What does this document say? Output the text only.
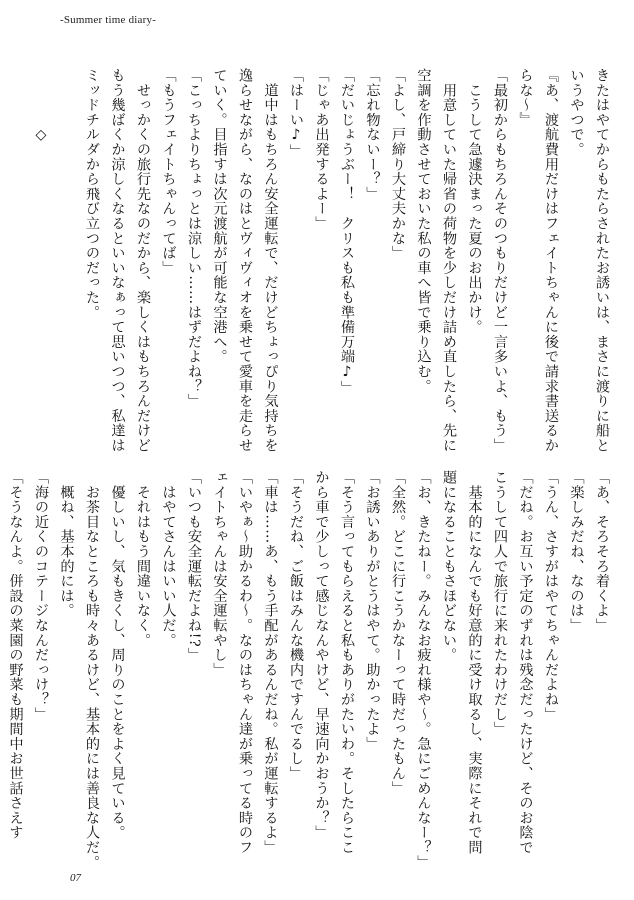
-Summer time diary-
きたはやてからもたらされたお誘いは、まさに渡りに船と
いうやつで。
『あ、渡航費用だけはフェイトちゃんに後で請求書送るか
らな〜』
「最初からもちろんそのつもりだけど一言多いよ、もう」
　こうして急遽決まった夏のお出かけ。
　用意していた帰省の荷物を少しだけ詰め直したら、先に
空調を作動させておいた私の車へ皆で乗り込む。
「よし、戸締り大丈夫かな」
「忘れ物ないー？」
「だいじょうぶー！　クリスも私も準備万端♪」
「じゃあ出発するよー」
「はーい♪」
　道中はもちろん安全運転で、だけどちょっぴり気持ちを
逸らせながら、なのはとヴィヴィオを乗せて愛車を走らせ
ていく。目指すは次元渡航が可能な空港へ。
「こっちよりちょっとは涼しい……はずだよね？」
「もうフェイトちゃんってば」
　せっかくの旅行先なのだから、楽しくはもちろんだけど
もう幾ばくか涼しくなるといいなぁって思いつつ、私達は
ミッドチルダから飛び立つのだった。

　　　　◇

「あ、そろそろ着くよ」
「楽しみだね、なのは」
「うん、さすがはやてちゃんだよね」
「だね。お互い予定のずれは残念だったけど、そのお陰で
こうして四人で旅行に来れたわけだし」
　基本的になんでも好意的に受け取るし、実際にそれで問
題になることもさほどない。
「お、きたねー。みんなお疲れ様や〜。急にごめんなー？」
「全然。どこに行こうかなーって時だったもん」
「お誘いありがとうはやて。助かったよ」
「そう言ってもらえると私もありがたいわ。そしたらここ
から車で少しって感じなんやけど、早速向かおうか？」
「そうだね、ご飯はみんな機内ですんでるし」
「車は……あ、もう手配があるんだね。私が運転するよ」
「いやぁ〜助かるわ〜。なのはちゃん達が乗ってる時のフ
ェイトちゃんは安全運転やし」
「いつも安全運転だよね!?」
　はやてさんはいい人だ。
　それはもう間違いなく。
　優しいし、気もきくし、周りのことをよく見ている。
　お茶目なところも時々あるけど、基本的には善良な人だ。
　概ね、基本的には。
「海の近くのコテージなんだっけ？」
「そうなんよ。併設の菜園の野菜も期間中お世話さえす
07
